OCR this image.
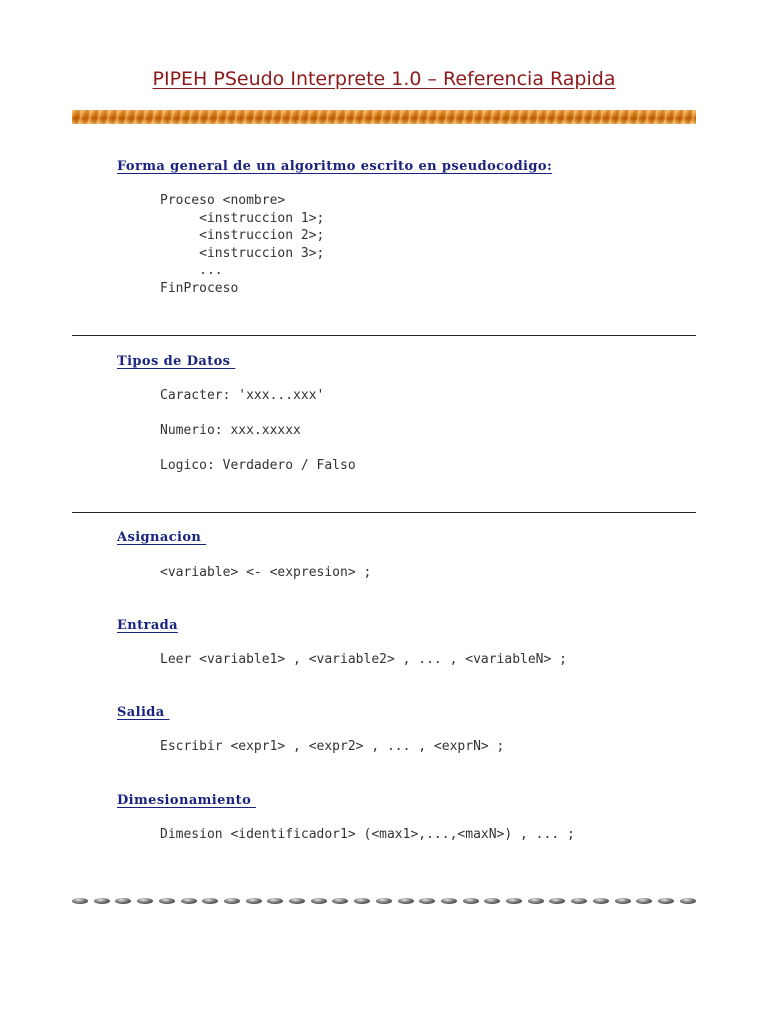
PIPEH PSeudo Interprete 1.0 – Referencia Rapida
Forma general de un algoritmo escrito en pseudocodigo:
Proceso <nombre>
<instruccion 1>;
<instruccion 2>;
<instruccion 3>;
...
FinProceso
Tipos de Datos
Caracter: 'xxx...xxx'
Numerio: xxx.xxxxx
Logico: Verdadero / Falso
Asignacion
<variable> <- <expresion> ;
Entrada
Leer <variable1> , <variable2> , ... , <variableN> ;
Salida
Escribir <expr1> , <expr2> , ... , <exprN> ;
Dimesionamiento
Dimesion <identificador1> (<max1>,...,<maxN>) , ... ;
